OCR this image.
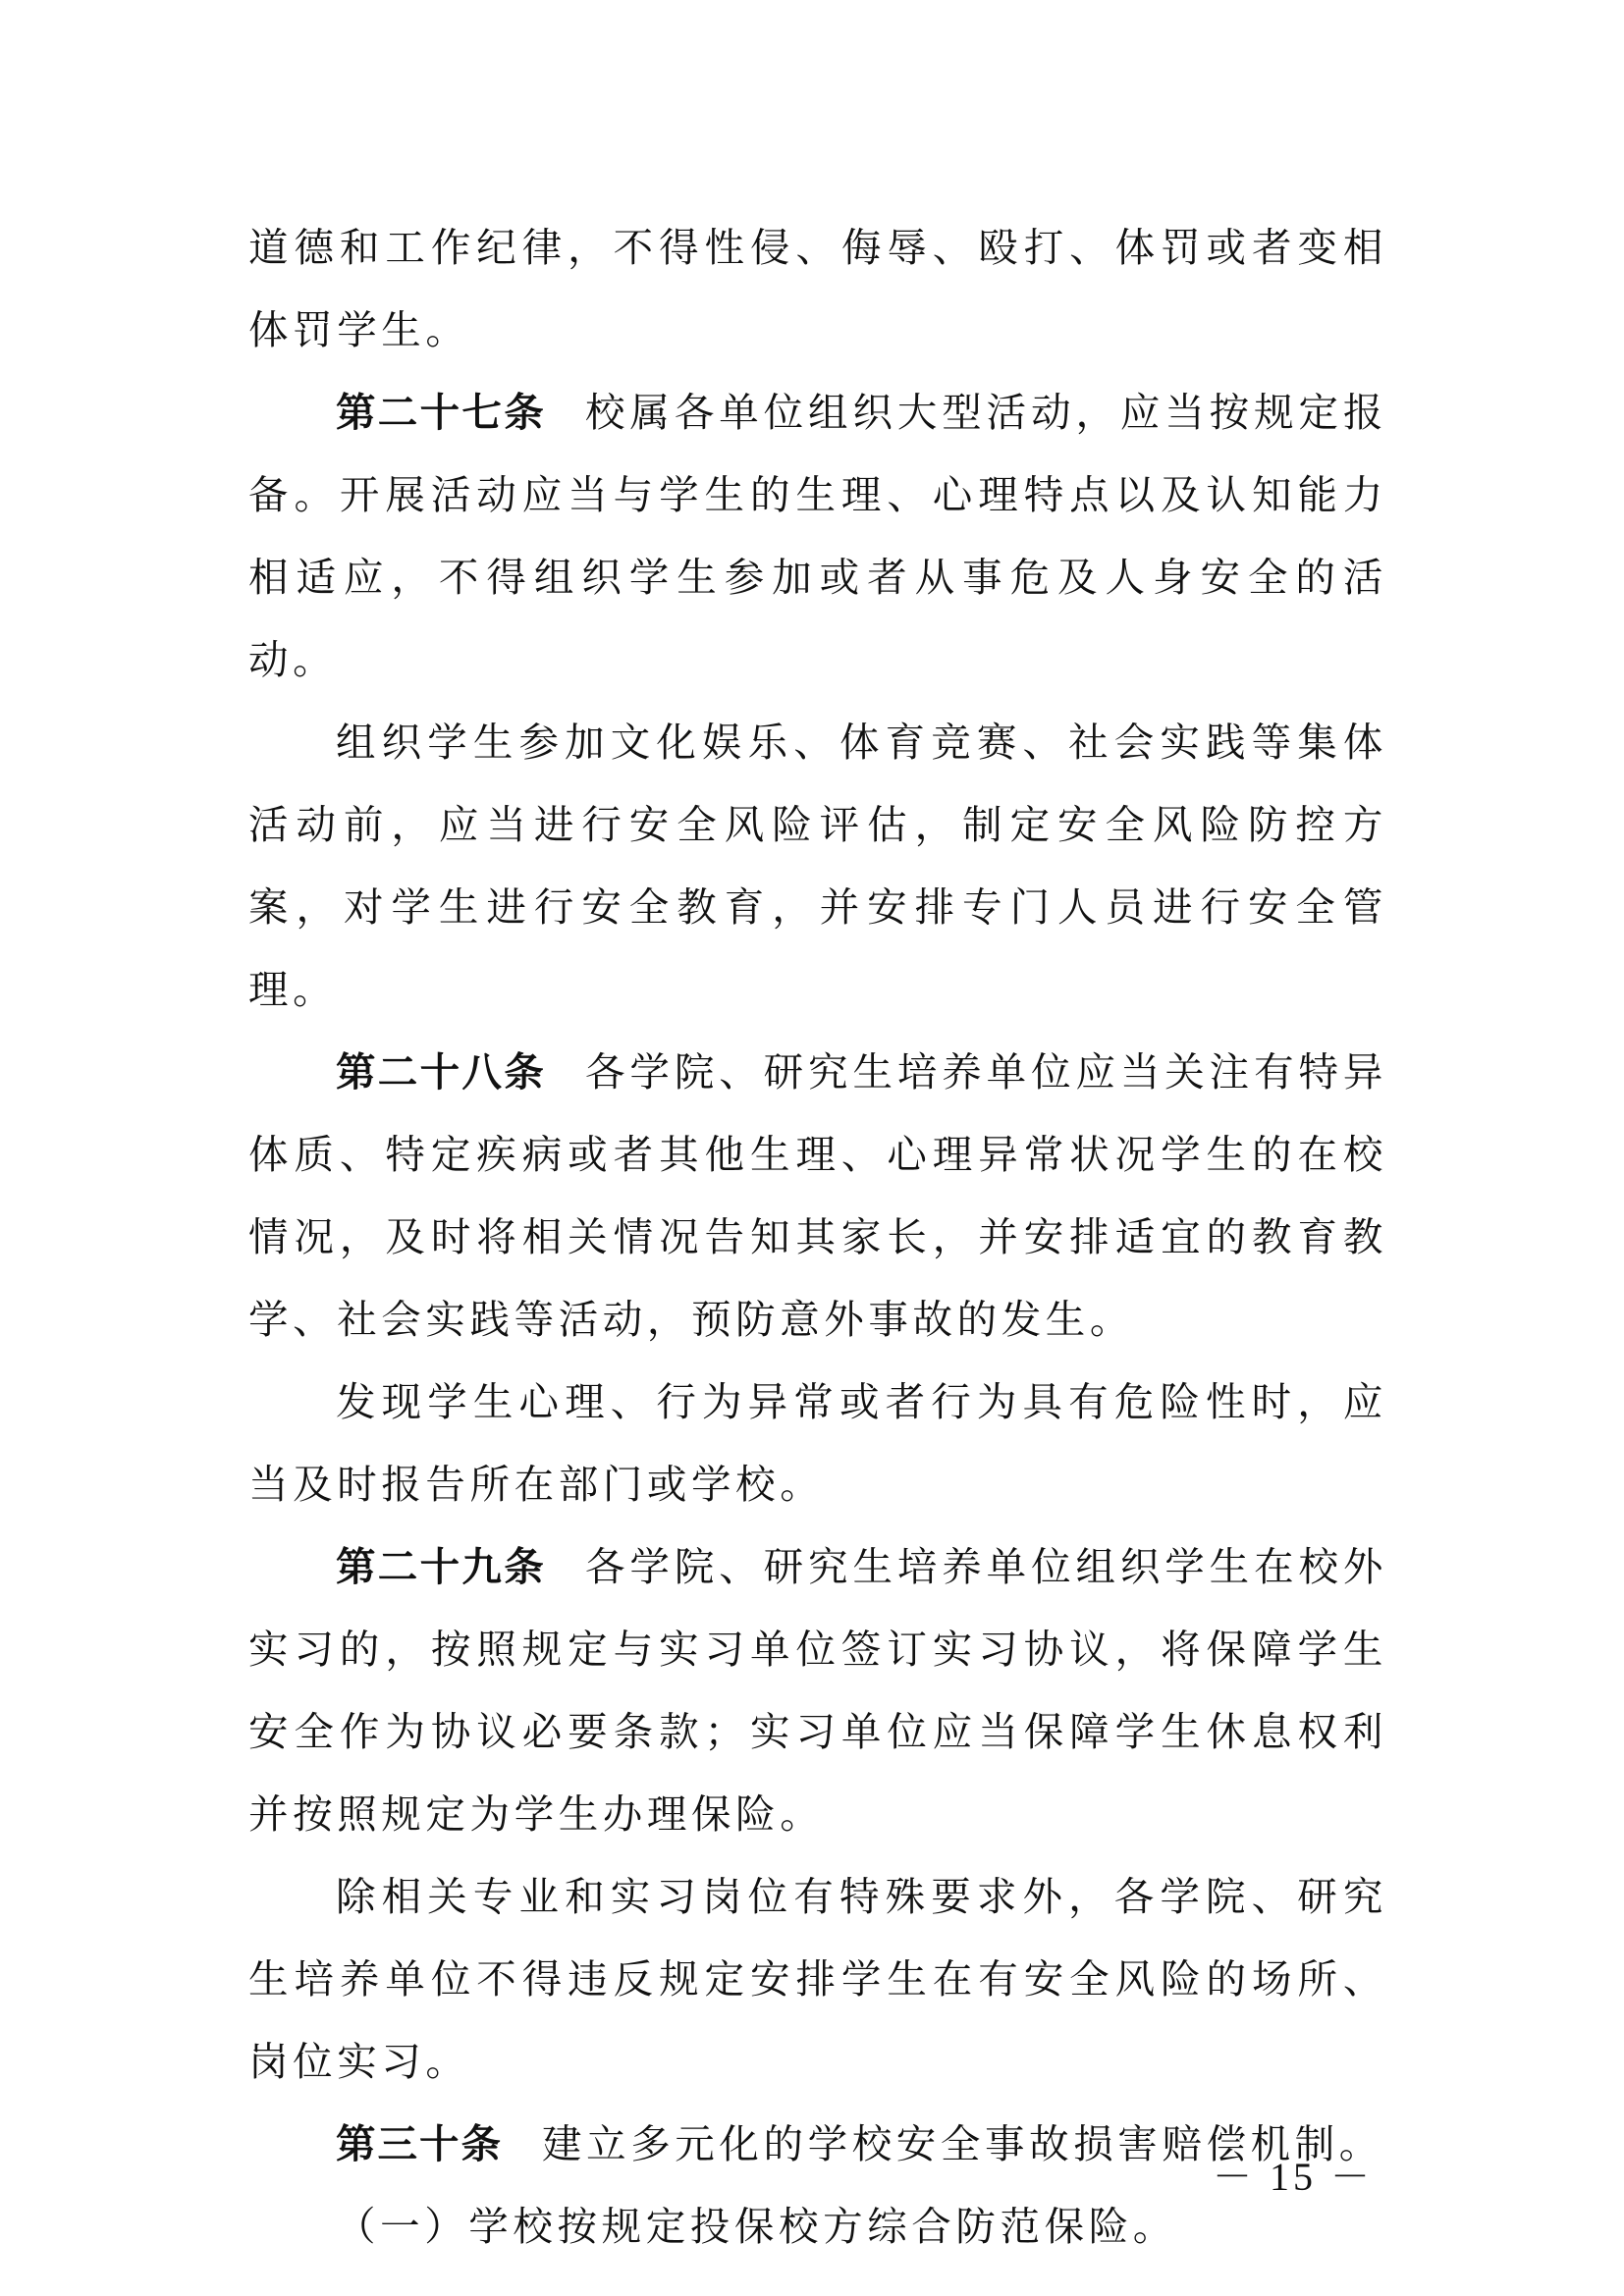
道德和工作纪律，不得性侵、侮辱、殴打、体罚或者变相体罚学生。

第二十七条 校属各单位组织大型活动，应当按规定报备。开展活动应当与学生的生理、心理特点以及认知能力相适应，不得组织学生参加或者从事危及人身安全的活动。

组织学生参加文化娱乐、体育竞赛、社会实践等集体活动前，应当进行安全风险评估，制定安全风险防控方案，对学生进行安全教育，并安排专门人员进行安全管理。

第二十八条 各学院、研究生培养单位应当关注有特异体质、特定疾病或者其他生理、心理异常状况学生的在校情况，及时将相关情况告知其家长，并安排适宜的教育教学、社会实践等活动，预防意外事故的发生。

发现学生心理、行为异常或者行为具有危险性时，应当及时报告所在部门或学校。

第二十九条 各学院、研究生培养单位组织学生在校外实习的，按照规定与实习单位签订实习协议，将保障学生安全作为协议必要条款；实习单位应当保障学生休息权利并按照规定为学生办理保险。

除相关专业和实习岗位有特殊要求外，各学院、研究生培养单位不得违反规定安排学生在有安全风险的场所、岗位实习。

第三十条 建立多元化的学校安全事故损害赔偿机制。

（一）学校按规定投保校方综合防范保险。

－ 15 －
